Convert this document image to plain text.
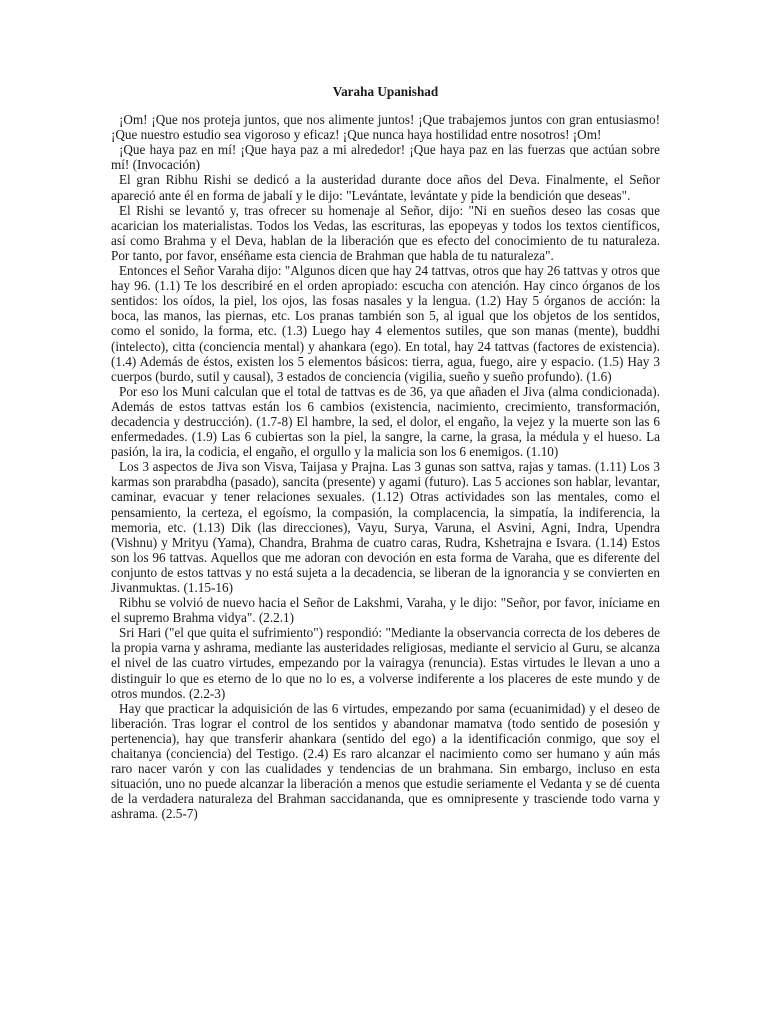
Varaha Upanishad

¡Om! ¡Que nos proteja juntos, que nos alimente juntos! ¡Que trabajemos juntos con gran entusiasmo! ¡Que nuestro estudio sea vigoroso y eficaz! ¡Que nunca haya hostilidad entre nosotros! ¡Om!

¡Que haya paz en mí! ¡Que haya paz a mi alrededor! ¡Que haya paz en las fuerzas que actúan sobre mí! (Invocación)

El gran Ribhu Rishi se dedicó a la austeridad durante doce años del Deva. Finalmente, el Señor apareció ante él en forma de jabalí y le dijo: "Levántate, levántate y pide la bendición que deseas".

El Rishi se levantó y, tras ofrecer su homenaje al Señor, dijo: "Ni en sueños deseo las cosas que acarician los materialistas. Todos los Vedas, las escrituras, las epopeyas y todos los textos científicos, así como Brahma y el Deva, hablan de la liberación que es efecto del conocimiento de tu naturaleza. Por tanto, por favor, enséñame esta ciencia de Brahman que habla de tu naturaleza".

Entonces el Señor Varaha dijo: "Algunos dicen que hay 24 tattvas, otros que hay 26 tattvas y otros que hay 96. (1.1) Te los describiré en el orden apropiado: escucha con atención. Hay cinco órganos de los sentidos: los oídos, la piel, los ojos, las fosas nasales y la lengua. (1.2) Hay 5 órganos de acción: la boca, las manos, las piernas, etc. Los pranas también son 5, al igual que los objetos de los sentidos, como el sonido, la forma, etc. (1.3) Luego hay 4 elementos sutiles, que son manas (mente), buddhi (intelecto), citta (conciencia mental) y ahankara (ego). En total, hay 24 tattvas (factores de existencia). (1.4) Además de éstos, existen los 5 elementos básicos: tierra, agua, fuego, aire y espacio. (1.5) Hay 3 cuerpos (burdo, sutil y causal), 3 estados de conciencia (vigilia, sueño y sueño profundo). (1.6)

Por eso los Muni calculan que el total de tattvas es de 36, ya que añaden el Jiva (alma condicionada). Además de estos tattvas están los 6 cambios (existencia, nacimiento, crecimiento, transformación, decadencia y destrucción). (1.7-8) El hambre, la sed, el dolor, el engaño, la vejez y la muerte son las 6 enfermedades. (1.9) Las 6 cubiertas son la piel, la sangre, la carne, la grasa, la médula y el hueso. La pasión, la ira, la codicia, el engaño, el orgullo y la malicia son los 6 enemigos. (1.10)

Los 3 aspectos de Jiva son Visva, Taijasa y Prajna. Las 3 gunas son sattva, rajas y tamas. (1.11) Los 3 karmas son prarabdha (pasado), sancita (presente) y agami (futuro). Las 5 acciones son hablar, levantar, caminar, evacuar y tener relaciones sexuales. (1.12) Otras actividades son las mentales, como el pensamiento, la certeza, el egoísmo, la compasión, la complacencia, la simpatía, la indiferencia, la memoria, etc. (1.13) Dik (las direcciones), Vayu, Surya, Varuna, el Asvini, Agni, Indra, Upendra (Vishnu) y Mrityu (Yama), Chandra, Brahma de cuatro caras, Rudra, Kshetrajna e Isvara. (1.14) Estos son los 96 tattvas. Aquellos que me adoran con devoción en esta forma de Varaha, que es diferente del conjunto de estos tattvas y no está sujeta a la decadencia, se liberan de la ignorancia y se convierten en Jivanmuktas. (1.15-16)

Ribhu se volvió de nuevo hacia el Señor de Lakshmi, Varaha, y le dijo: "Señor, por favor, iníciame en el supremo Brahma vidya". (2.2.1)

Sri Hari ("el que quita el sufrimiento") respondió: "Mediante la observancia correcta de los deberes de la propia varna y ashrama, mediante las austeridades religiosas, mediante el servicio al Guru, se alcanza el nivel de las cuatro virtudes, empezando por la vairagya (renuncia). Estas virtudes le llevan a uno a distinguir lo que es eterno de lo que no lo es, a volverse indiferente a los placeres de este mundo y de otros mundos. (2.2-3)

Hay que practicar la adquisición de las 6 virtudes, empezando por sama (ecuanimidad) y el deseo de liberación. Tras lograr el control de los sentidos y abandonar mamatva (todo sentido de posesión y pertenencia), hay que transferir ahankara (sentido del ego) a la identificación conmigo, que soy el chaitanya (conciencia) del Testigo. (2.4) Es raro alcanzar el nacimiento como ser humano y aún más raro nacer varón y con las cualidades y tendencias de un brahmana. Sin embargo, incluso en esta situación, uno no puede alcanzar la liberación a menos que estudie seriamente el Vedanta y se dé cuenta de la verdadera naturaleza del Brahman saccidananda, que es omnipresente y trasciende todo varna y ashrama. (2.5-7)
